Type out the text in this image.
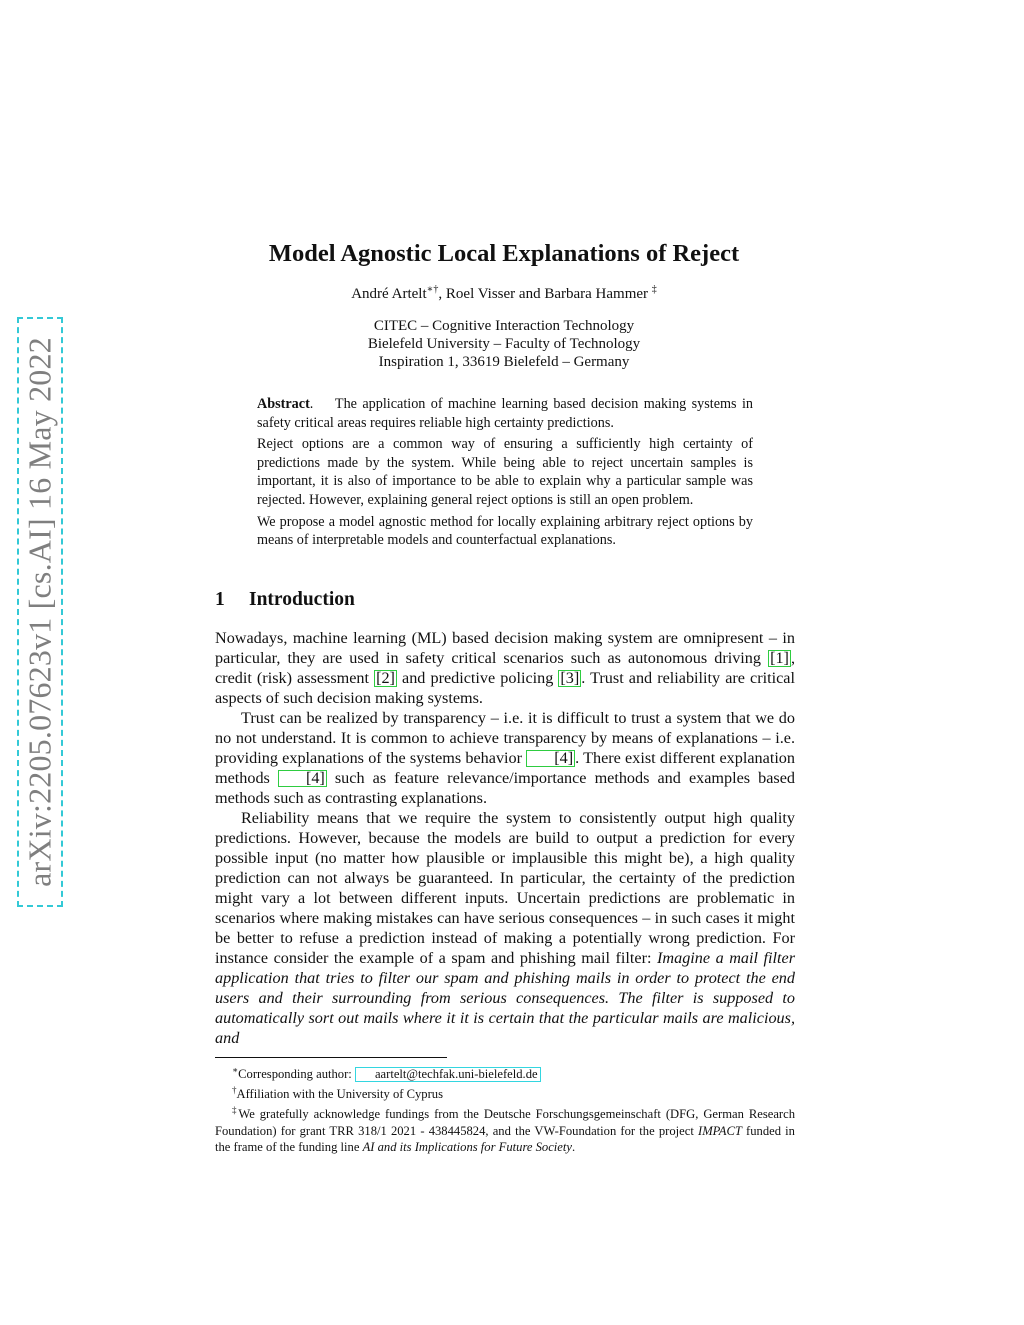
arXiv:2205.07623v1 [cs.AI] 16 May 2022
Model Agnostic Local Explanations of Reject
André Artelt∗†, Roel Visser and Barbara Hammer ‡
CITEC – Cognitive Interaction Technology
Bielefeld University – Faculty of Technology
Inspiration 1, 33619 Bielefeld – Germany

Abstract.    The application of machine learning based decision making systems in safety critical areas requires reliable high certainty predictions.

Reject options are a common way of ensuring a sufficiently high certainty of predictions made by the system. While being able to reject uncertain samples is important, it is also of importance to be able to explain why a particular sample was rejected. However, explaining general reject options is still an open problem.

We propose a model agnostic method for locally explaining arbitrary reject options by means of interpretable models and counterfactual explanations.

1 Introduction

Nowadays, machine learning (ML) based decision making system are omnipresent – in particular, they are used in safety critical scenarios such as autonomous driving [1] , credit (risk) assessment [2] and predictive policing [3] . Trust and reliability are critical aspects of such decision making systems.

Trust can be realized by transparency – i.e. it is difficult to trust a system that we do no not understand. It is common to achieve transparency by means of explanations – i.e. providing explanations of the systems behavior [4] . There exist different explanation methods [4] such as feature relevance/importance methods and examples based methods such as contrasting explanations.

Reliability means that we require the system to consistently output high quality predictions. However, because the models are build to output a prediction for every possible input (no matter how plausible or implausible this might be), a high quality prediction can not always be guaranteed. In particular, the certainty of the prediction might vary a lot between different inputs. Uncertain predictions are problematic in scenarios where making mistakes can have serious consequences – in such cases it might be better to refuse a prediction instead of making a potentially wrong prediction. For instance consider the example of a spam and phishing mail filter: Imagine a mail filter application that tries to filter our spam and phishing mails in order to protect the end users and their surrounding from serious consequences. The filter is supposed to automatically sort out mails where it it is certain that the particular mails are malicious, and

∗Corresponding author: aartelt@techfak.uni-bielefeld.de

†Affiliation with the University of Cyprus

‡We gratefully acknowledge fundings from the Deutsche Forschungsgemeinschaft (DFG, German Research Foundation) for grant TRR 318/1 2021 - 438445824, and the VW-Foundation for the project IMPACT funded in the frame of the funding line AI and its Implications for Future Society.
